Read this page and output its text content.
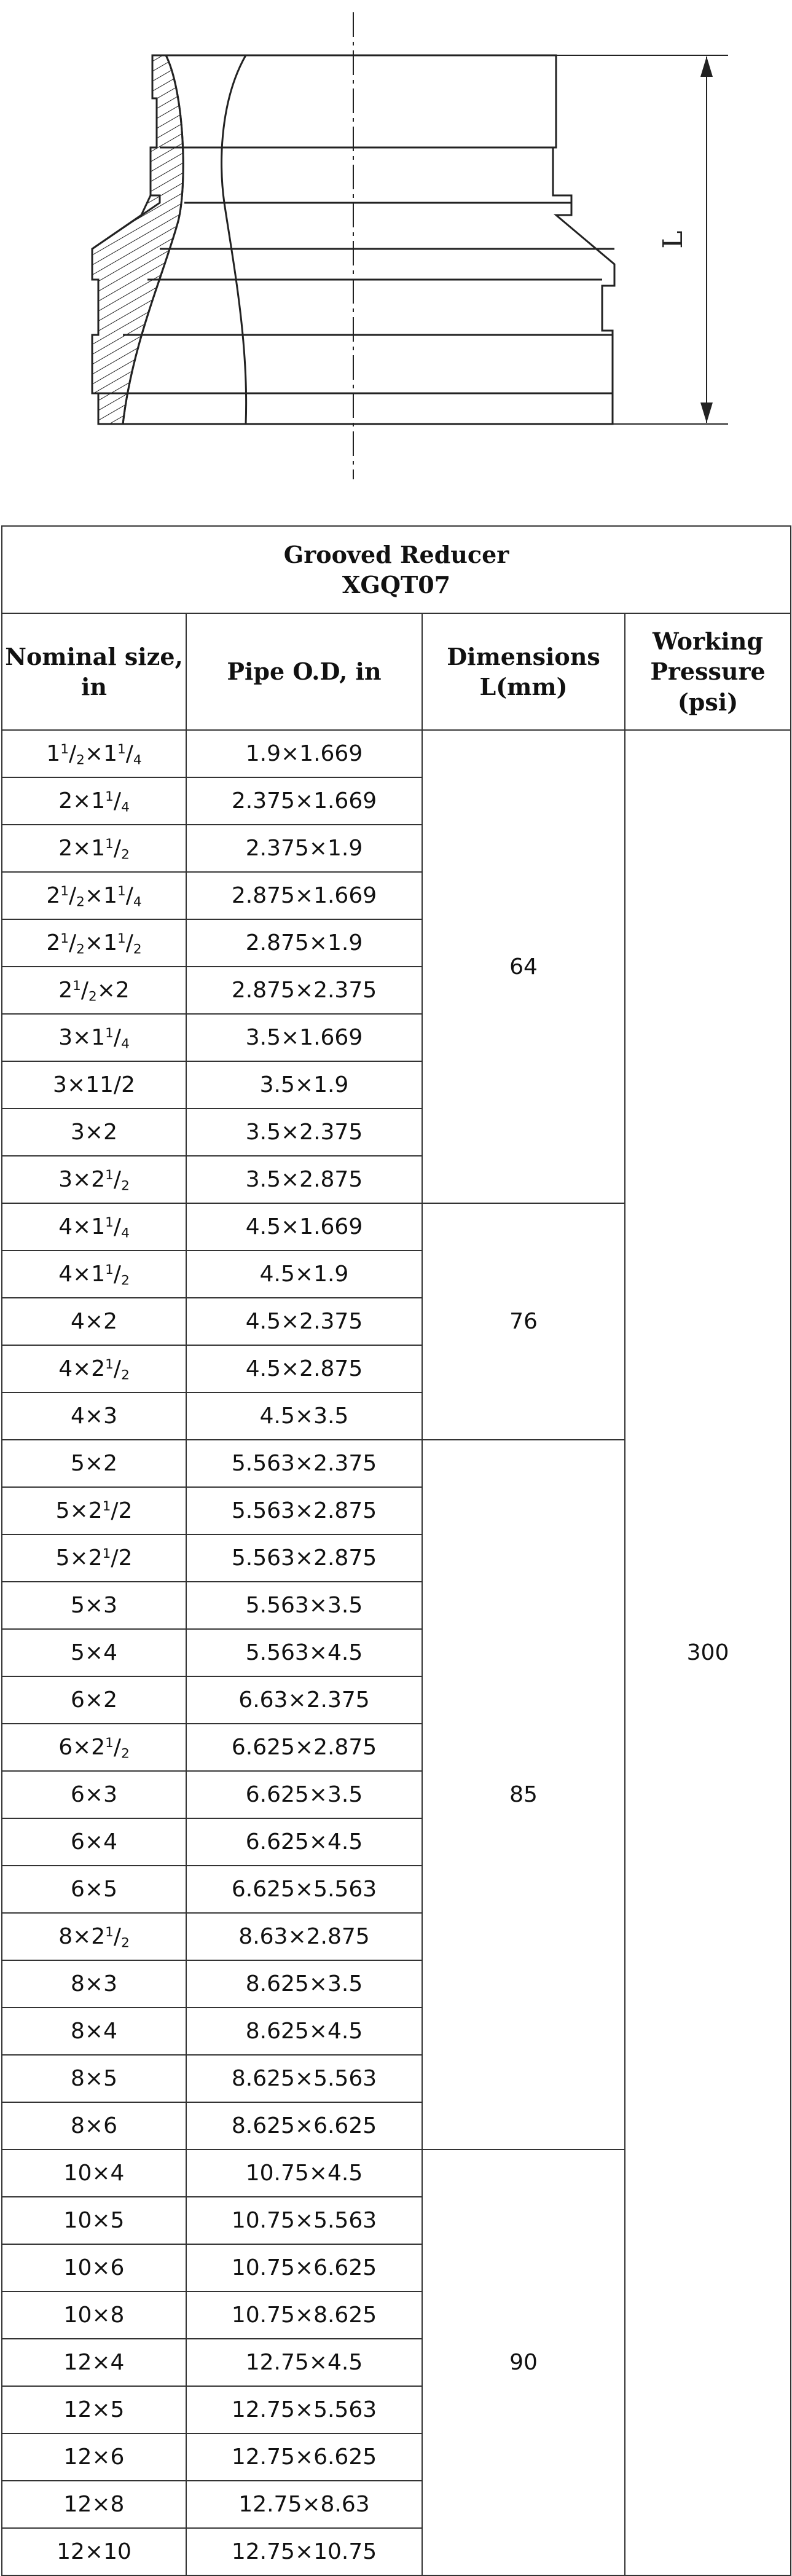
L
Grooved Reducer
XGQT07			
Nominal size, in	Pipe O.D, in	Dimensions L(mm)	Working Pressure (psi)
$1^1/_2\times 1^1/_4$	1.9×1.669	64	300
$2\times 1^1/_4$	2.375×1.669		
$2\times 1^1/_2$	2.375×1.9		
$2^1/_2\times 1^1/_4$	2.875×1.669		
$2^1/_2\times 1^1/_2$	2.875×1.9		
$2^1/_2\times 2$	2.875×2.375		
$3\times 1^1/_4$	3.5×1.669		
3×11/2	3.5×1.9		
3×2	3.5×2.375		
$3\times 2^1/_2$	3.5×2.875		
$4\times 1^1/_4$	4.5×1.669	76	
$4\times 1^1/_2$	4.5×1.9		
4×2	4.5×2.375		
$4\times 2^1/_2$	4.5×2.875		
4×3	4.5×3.5		
5×2	5.563×2.375	85	
$5\times 2^1/2$	5.563×2.875		
$5\times 2^1/2$	5.563×2.875		
5×3	5.563×3.5		
5×4	5.563×4.5		
6×2	6.63×2.375		
$6\times 2^1/_2$	6.625×2.875		
6×3	6.625×3.5		
6×4	6.625×4.5		
6×5	6.625×5.563		
$8\times 2^1/_2$	8.63×2.875		
8×3	8.625×3.5		
8×4	8.625×4.5		
8×5	8.625×5.563		
8×6	8.625×6.625		
10×4	10.75×4.5	90	
10×5	10.75×5.563		
10×6	10.75×6.625		
10×8	10.75×8.625		
12×4	12.75×4.5		
12×5	12.75×5.563		
12×6	12.75×6.625		
12×8	12.75×8.63		
12×10	12.75×10.75		
